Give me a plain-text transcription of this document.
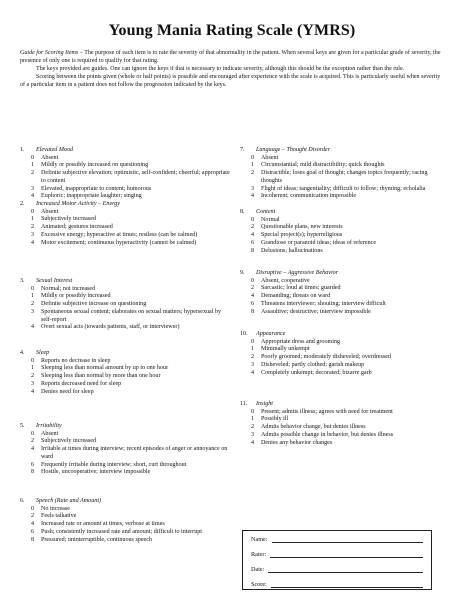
Young Mania Rating Scale (YMRS)

Guide for Scoring Items – The purpose of each item is to rate the severity of that abnormality in the patient. When several keys are given for a particular grade of severity, the presence of only one is required to qualify for that rating.

The keys provided are guides. One can ignore the keys if that is necessary to indicate severity, although this should be the exception rather than the rule.

Scoring between the points given (whole or half points) is possible and encouraged after experience with the scale is acquired. This is particularly useful when severity of a particular item in a patient does not follow the progression indicated by the keys.

1.	Elevated Mood
0	Absent
1	Mildly or possibly increased on questioning
2	Definite subjective elevation; optimistic, self-confident; cheerful; appropriate to content
3	Elevated, inappropriate to content; humorous
4	Euphoric; inappropriate laughter; singing
2.	Increased Motor Activity – Energy
0	Absent
1	Subjectively increased
2	Animated; gestures increased
3	Excessive energy; hyperactive at times; restless (can be calmed)
4	Motor excitement; continuous hyperactivity (cannot be calmed)
3.	Sexual Interest
0	Normal; not increased
1	Mildly or possibly increased
2	Definite subjective increase on questioning
3	Spontaneous sexual content; elaborates on sexual matters; hypersexual by self-report
4	Overt sexual acts (towards patients, staff, or interviewer)
4.	Sleep
0	Reports no decrease in sleep
1	Sleeping less than normal amount by up to one hour
2	Sleeping less than normal by more than one hour
3	Reports decreased need for sleep
4	Denies need for sleep
5.	Irritability
0	Absent
2	Subjectively increased
4	Irritable at times during interview; recent episodes of anger or annoyance on ward
6	Frequently irritable during interview; short, curt throughout
8	Hostile, uncooperative; interview impossible
6.	Speech (Rate and Amount)
0	No increase
2	Feels talkative
4	Increased rate or amount at times, verbose at times
6	Push; consistently increased rate and amount; difficult to interrupt
8	Pressured; uninterruptible, continuous speech
7.	Language – Thought Disorder
0	Absent
1	Circumstantial; mild distractibility; quick thoughts
2	Distractible; loses goal of thought; changes topics frequently; racing thoughts
3	Flight of ideas; tangentiality; difficult to follow; rhyming; echolalia
4	Incoherent; communication impossible
8.	Content
0	Normal
2	Questionable plans, new interests
4	Special project(s); hyperreligious
6	Grandiose or paranoid ideas; ideas of reference
8	Delusions; hallucinations
9.	Disruptive – Aggressive Behavior
0	Absent, cooperative
2	Sarcastic; loud at times; guarded
4	Demanding; threats on ward
6	Threatens interviewer; shouting; interview difficult
8	Assaultive; destructive; interview impossible
10.	Appearance
0	Appropriate dress and grooming
1	Minimally unkempt
2	Poorly groomed; moderately disheveled; overdressed
3	Disheveled; partly clothed; garish makeup
4	Completely unkempt; decorated; bizarre garb
11.	Insight
0	Present; admits illness; agrees with need for treatment
1	Possibly ill
2	Admits behavior change, but denies illness
3	Admits possible change in behavior, but denies illness
4	Denies any behavior changes
Name:
Rater:
Date:
Score:
